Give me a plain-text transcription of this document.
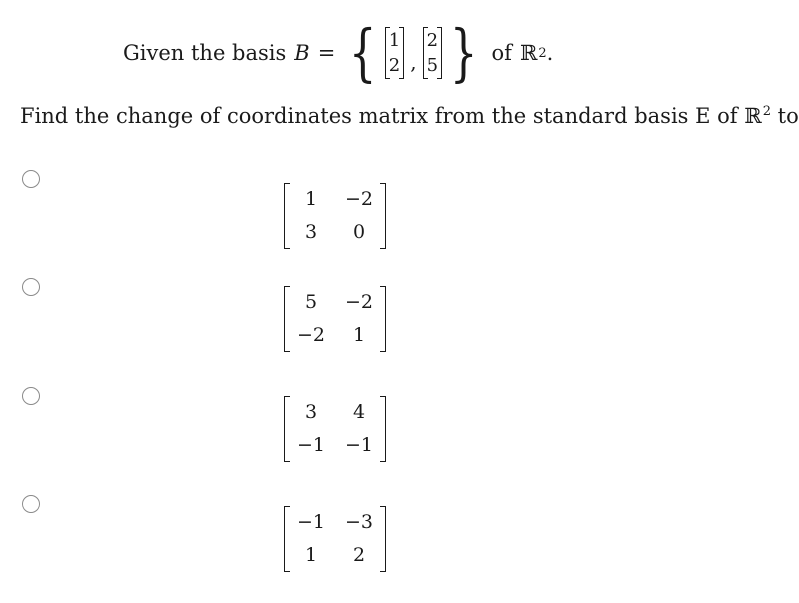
Given the basis B = { 1
2 ,
2
5 } of ℝ 2 .
Find the change of coordinates matrix from the standard basis E of ℝ$^2$ to
1	−2
3	0
5	−2
−2	1
3	4
−1	−1
−1	−3
1	2
